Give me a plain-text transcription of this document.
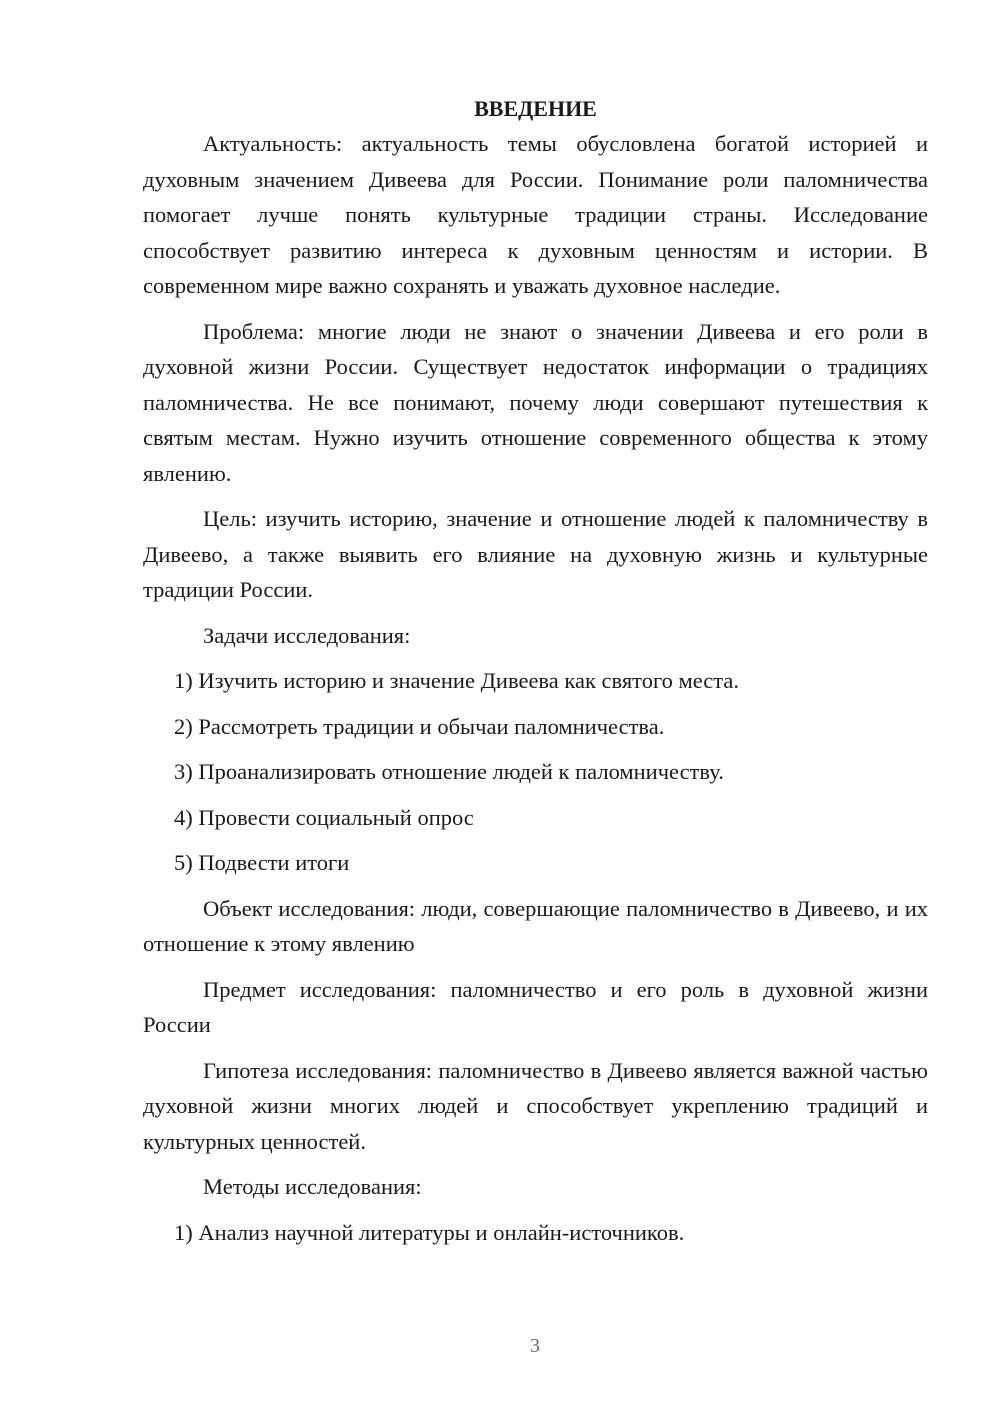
ВВЕДЕНИЕ

Актуальность: актуальность темы обусловлена богатой историей и духовным значением Дивеева для России. Понимание роли паломничества помогает лучше понять культурные традиции страны. Исследование способствует развитию интереса к духовным ценностям и истории. В современном мире важно сохранять и уважать духовное наследие.

Проблема: многие люди не знают о значении Дивеева и его роли в духовной жизни России. Существует недостаток информации о традициях паломничества. Не все понимают, почему люди совершают путешествия к святым местам. Нужно изучить отношение современного общества к этому явлению.

Цель: изучить историю, значение и отношение людей к паломничеству в Дивеево, а также выявить его влияние на духовную жизнь и культурные традиции России.

Задачи исследования:

1) Изучить историю и значение Дивеева как святого места.

2) Рассмотреть традиции и обычаи паломничества.

3) Проанализировать отношение людей к паломничеству.

4) Провести социальный опрос

5) Подвести итоги

Объект исследования: люди, совершающие паломничество в Дивеево, и их отношение к этому явлению

Предмет исследования: паломничество и его роль в духовной жизни России

Гипотеза исследования: паломничество в Дивеево является важной частью духовной жизни многих людей и способствует укреплению традиций и культурных ценностей.

Методы исследования:

1) Анализ научной литературы и онлайн-источников.

3
